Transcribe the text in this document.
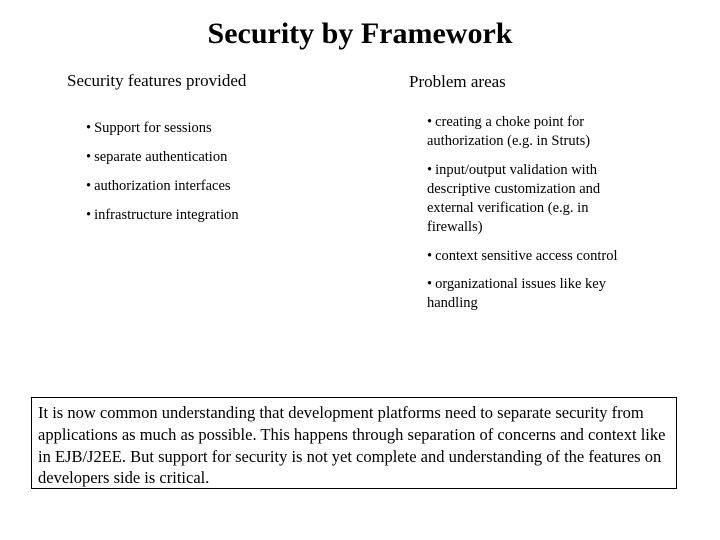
Security by Framework
Security features provided
• Support for sessions
• separate authentication
• authorization interfaces
• infrastructure integration
Problem areas
• creating a choke point for authorization (e.g. in Struts)
• input/output validation with descriptive customization and external verification (e.g. in firewalls)
• context sensitive access control
• organizational issues like key handling
It is now common understanding that development platforms need to separate security from applications as much as possible. This happens through separation of concerns and context like in EJB/J2EE. But support for security is not yet complete and understanding of the features on developers side is critical.
